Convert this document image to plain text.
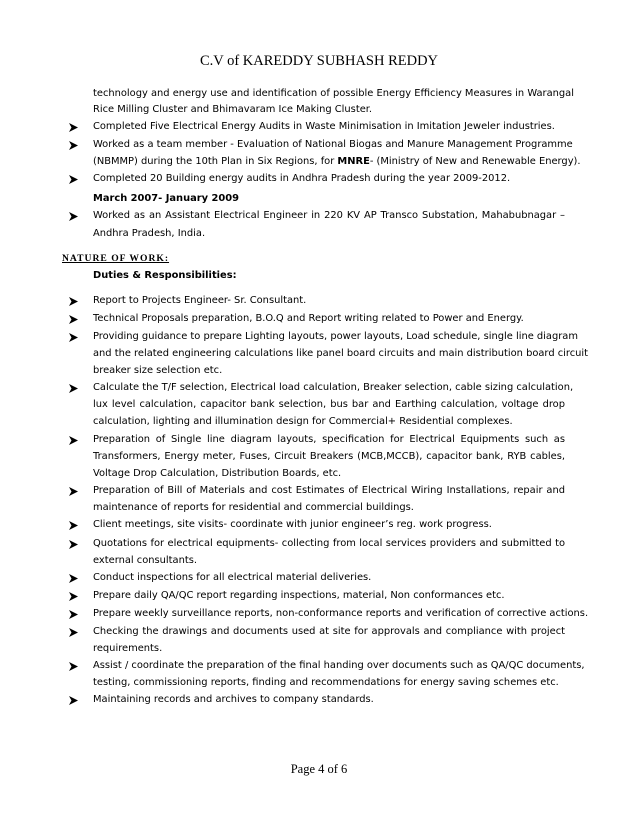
C.V of KAREDDY SUBHASH REDDY
technology and energy use and identification of possible Energy Efficiency Measures in Warangal
Rice Milling Cluster and Bhimavaram Ice Making Cluster.
Completed Five Electrical Energy Audits in Waste Minimisation in Imitation Jeweler industries.
Worked as a team member - Evaluation of National Biogas and Manure Management Programme
(NBMMP) during the 10th Plan in Six Regions, for MNRE- (Ministry of New and Renewable Energy).
Completed 20 Building energy audits in Andhra Pradesh during the year 2009-2012.
March 2007- January 2009
Worked as an Assistant Electrical Engineer in 220 KV AP Transco Substation, Mahabubnagar –
Andhra Pradesh, India.
NATURE OF WORK:
Duties & Responsibilities:
Report to Projects Engineer- Sr. Consultant.
Technical Proposals preparation, B.O.Q and Report writing related to Power and Energy.
Providing guidance to prepare Lighting layouts, power layouts, Load schedule, single line diagram
and the related engineering calculations like panel board circuits and main distribution board circuit
breaker size selection etc.
Calculate the T/F selection, Electrical load calculation, Breaker selection, cable sizing calculation,
lux level calculation, capacitor bank selection, bus bar and Earthing calculation, voltage drop
calculation, lighting and illumination design for Commercial+ Residential complexes.
Preparation of Single line diagram layouts, specification for Electrical Equipments such as
Transformers, Energy meter, Fuses, Circuit Breakers (MCB,MCCB), capacitor bank, RYB cables,
Voltage Drop Calculation, Distribution Boards, etc.
Preparation of Bill of Materials and cost Estimates of Electrical Wiring Installations, repair and
maintenance of reports for residential and commercial buildings.
Client meetings, site visits- coordinate with junior engineer’s reg. work progress.
Quotations for electrical equipments- collecting from local services providers and submitted to
external consultants.
Conduct inspections for all electrical material deliveries.
Prepare daily QA/QC report regarding inspections, material, Non conformances etc.
Prepare weekly surveillance reports, non-conformance reports and verification of corrective actions.
Checking the drawings and documents used at site for approvals and compliance with project
requirements.
Assist / coordinate the preparation of the final handing over documents such as QA/QC documents,
testing, commissioning reports, finding and recommendations for energy saving schemes etc.
Maintaining records and archives to company standards.
Page 4 of 6
